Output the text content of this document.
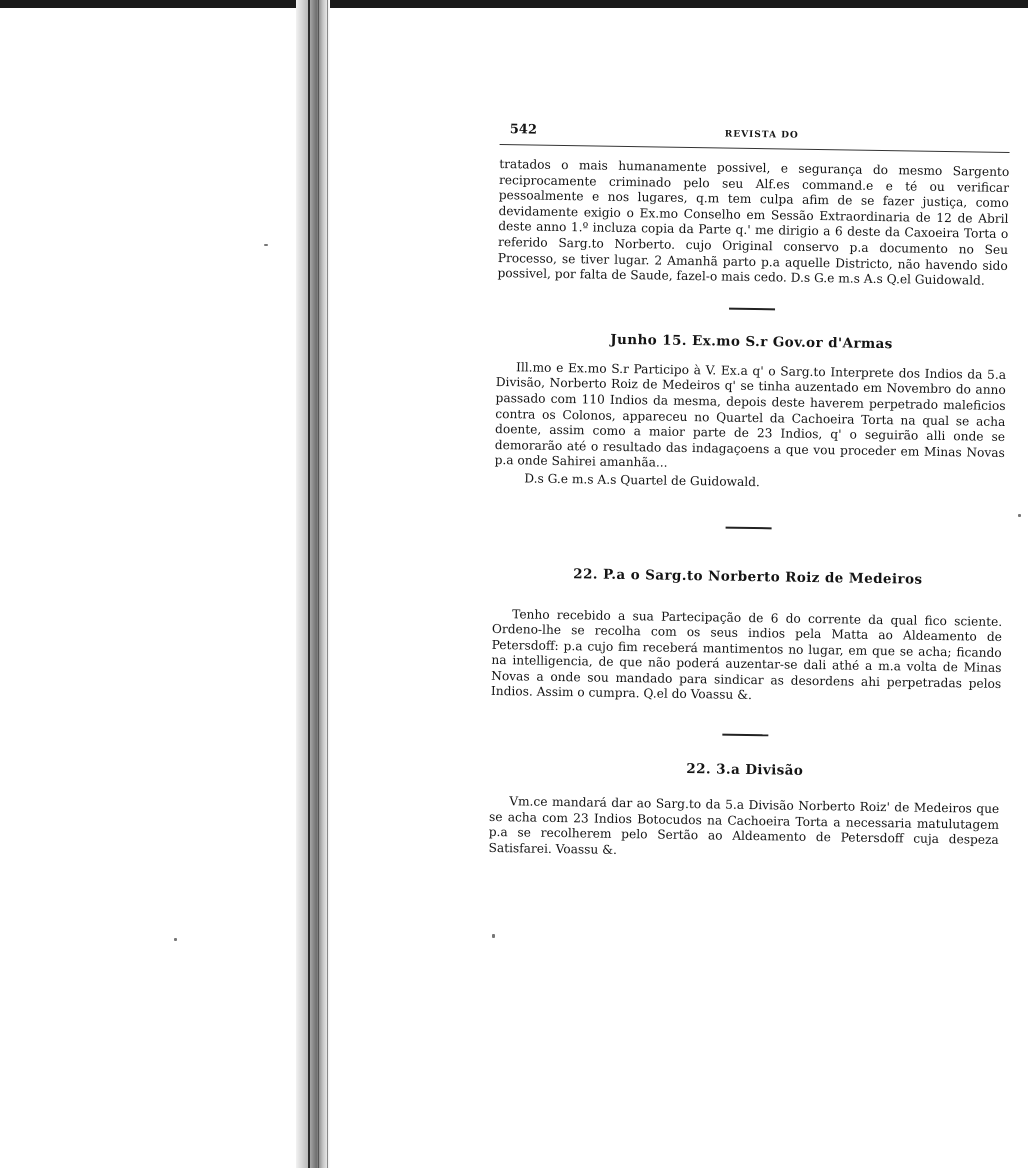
542	REVISTA DO

tratados o mais humanamente possivel, e segurança do mesmo Sargento reciprocamente criminado pelo seu Alf.es command.e e té ou verificar pessoalmente e nos lugares, q.m tem culpa afim de se fazer justiça, como devidamente exigio o Ex.mo Conselho em Sessão Extraordinaria de 12 de Abril deste anno 1.º incluza copia da Parte q.' me dirigio a 6 deste da Caxoeira Torta o referido Sarg.to Norberto. cujo Original conservo p.a documento no Seu Processo, se tiver lugar. 2 Amanhã parto p.a aquelle Districto, não havendo sido possivel, por falta de Saude, fazel-o mais cedo. D.s G.e m.s A.s Q.el Guidowald.

Junho 15. Ex.mo S.r Gov.or d'Armas

Ill.mo e Ex.mo S.r Participo à V. Ex.a q' o Sarg.to Interprete dos Indios da 5.a Divisão, Norberto Roiz de Medeiros q' se tinha auzentado em Novembro do anno passado com 110 Indios da mesma, depois deste haverem perpetrado maleficios contra os Colonos, appareceu no Quartel da Cachoeira Torta na qual se acha doente, assim como a maior parte de 23 Indios, q' o seguirão alli onde se demorarão até o resultado das indagaçoens a que vou proceder em Minas Novas p.a onde Sahirei amanhãa...

D.s G.e m.s A.s Quartel de Guidowald.

22. P.a o Sarg.to Norberto Roiz de Medeiros

Tenho recebido a sua Partecipação de 6 do corrente da qual fico sciente. Ordeno-lhe se recolha com os seus indios pela Matta ao Aldeamento de Petersdoff: p.a cujo fim receberá mantimentos no lugar, em que se acha; ficando na intelligencia, de que não poderá auzentar-se dali athé a m.a volta de Minas Novas a onde sou mandado para sindicar as desordens ahi perpetradas pelos Indios. Assim o cumpra. Q.el do Voassu &.

22. 3.a Divisão

Vm.ce mandará dar ao Sarg.to da 5.a Divisão Norberto Roiz' de Medeiros que se acha com 23 Indios Botocudos na Cachoeira Torta a necessaria matulutagem p.a se recolherem pelo Sertão ao Aldeamento de Petersdoff cuja despeza Satisfarei. Voassu &.
